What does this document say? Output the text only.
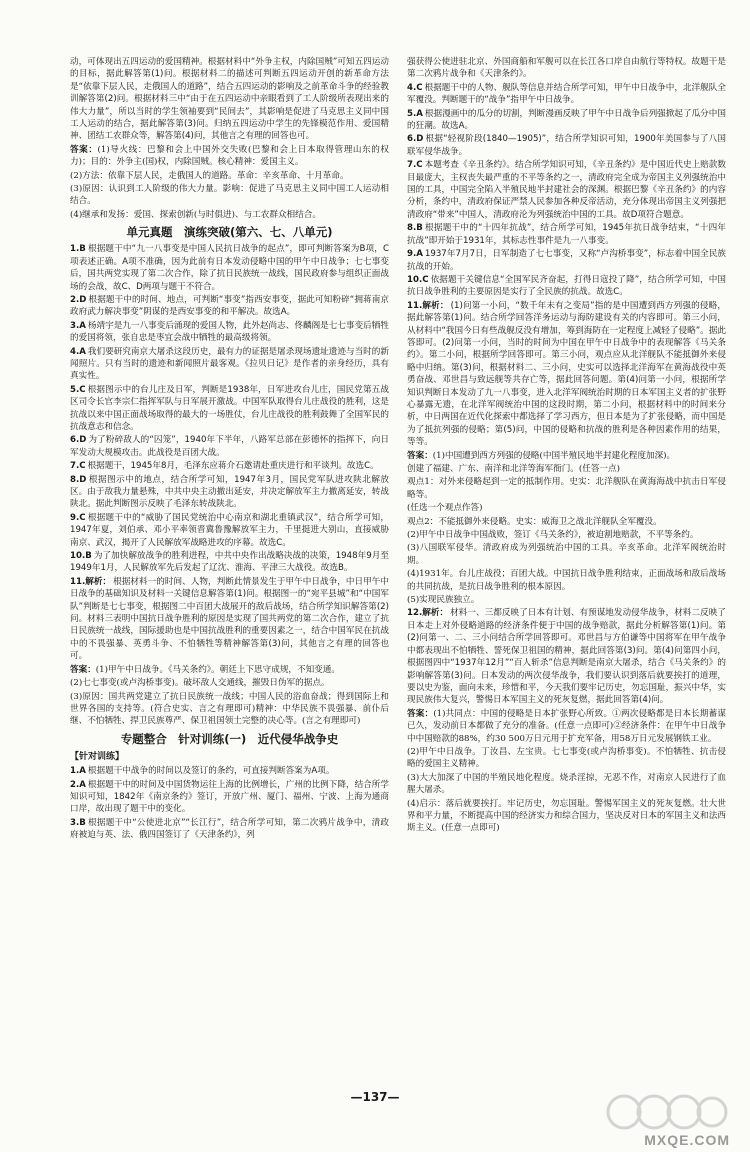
动，可体现出五四运动的爱国精神。根据材料中“外争主权，内除国贼”可知五四运动的目标，据此解答第(1)问。根据材料二的描述可判断五四运动开创的新革命方法是“依靠下层人民，走俄国人的道路”，结合五四运动的影响及之前革命斗争的经验教训解答第(2)问。根据材料三中“由于在五四运动中亲眼看到了工人阶级所表现出来的伟大力量”，所以当时的学生领袖要到“民间去”，其影响是促进了马克思主义同中国工人运动的结合，据此解答第(3)问。归纳五四运动中学生的先锋模范作用、爱国精神、团结工农群众等，解答第(4)问，其他言之有理的回答也可。

答案：(1)导火线：巴黎和会上中国外交失败(巴黎和会上日本取得管理山东的权力)；目的：外争主(国)权，内除国贼。核心精神：爱国主义。

(2)方法：依靠下层人民，走俄国人的道路。革命：辛亥革命、十月革命。

(3)原因：认识到工人阶级的伟大力量。影响：促进了马克思主义同中国工人运动相结合。

(4)继承和发扬：爱国、探索创新(与时俱进)、与工农群众相结合。

单元真题　演练突破(第六、七、八单元)

1.B 根据题干中“九一八事变是中国人民抗日战争的起点”，即可判断答案为B项，C项表述正确。A项不准确，因为此前有日本发动侵略中国的甲午中日战争；七七事变后，国共两党实现了第二次合作，除了抗日民族统一战线，国民政府参与组织正面战场的会战，故C、D两项与题干不符合。

2.D 根据题干中的时间、地点，可判断“事变”指西安事变，据此可知粉碎“拥蒋南京政府武力解决事变”阴谋的是西安事变的和平解决。故选A。

3.A 杨靖宇是九一八事变后涌现的爱国人物，此外赵尚志、佟麟阁是七七事变后牺牲的爱国将领，张自忠是枣宜会战中牺牲的最高级将领。

4.A 我们要研究南京大屠杀这段历史，最有力的证据是屠杀现场遗址遗迹与当时的新闻照片。只有当时的遗迹和新闻照片最客观。《拉贝日记》是作者的亲身经历，具有真实性。

5.C 根据图示中的台儿庄及日军，判断是1938年，日军进攻台儿庄，国民党第五战区司令长官李宗仁指挥军队与日军展开激战。中国军队取得台儿庄战役的胜利，这是抗战以来中国正面战场取得的最大的一场胜仗，台儿庄战役的胜利鼓舞了全国军民的抗战意志和信念。

6.D 为了粉碎敌人的“囚笼”，1940年下半年，八路军总部在彭德怀的指挥下，向日军发动大规模攻击。此战役是百团大战。

7.C 根据题干，1945年8月，毛泽东应蒋介石邀请赴重庆进行和平谈判。故选C。

8.D 根据图示中的地点，结合所学可知，1947年3月，国民党军队进攻陕北解放区。由于敌我力量悬殊，中共中央主动撤出延安，并决定解放军主力撤离延安，转战陕北。据此判断图示反映了毛泽东转战陕北。

9.C 根据题干中的“威胁了国民党统治中心南京和湖北重镇武汉”，结合所学可知，1947年夏，刘伯承、邓小平率领晋冀鲁豫解放军主力，千里挺进大别山，直接威胁南京、武汉，揭开了人民解放军战略进攻的序幕。故选C。

10.B 为了加快解放战争的胜利进程，中共中央作出战略决战的决策，1948年9月至1949年1月，人民解放军先后发起了辽沈、淮海、平津三大战役。故选B。

11.解析： 根据材料一的时间、人物，判断此情景发生于甲午中日战争，中日甲午中日战争的基础知识及材料一关键信息解答第(1)问。根据图一的“宛平县城”和“中国军队”判断是七七事变，根据图二中百团大战展开的敌后战场，结合所学知识解答第(2)问。材料三表明中国抗日战争胜利的原因是实现了国共两党的第二次合作，建立了抗日民族统一战线，国际援助也是中国抗战胜利的重要因素之一，结合中国军民在抗战中的不畏强暴、英勇斗争、不怕牺牲等精神解答第(3)问，其他言之有理的回答也可。

答案：(1)甲午中日战争。《马关条约》。朝廷上下思守成规，不知变通。

(2)七七事变(或卢沟桥事变)。破坏敌人交通线，摧毁日伪军的据点。

(3)原因：国共两党建立了抗日民族统一战线；中国人民的浴血奋战；得到国际上和世界各国的支持等。(符合史实、言之有理即可)精神：中华民族不畏强暴、前仆后继、不怕牺牲、捍卫民族尊严、保卫祖国领土完整的决心等。(言之有理即可)

专题整合　针对训练(一)　近代侵华战争史
【针对训练】

1.A 根据题干中战争的时间以及签订的条约，可直接判断答案为A项。

2.A 根据题干中的时间及中国货物运往上海的比例增长，广州的比例下降，结合所学知识可知，1842年《南京条约》签订，开放广州、厦门、福州、宁波、上海为通商口岸，故出现了题干中的变化。

3.B 根据题干中“公使进北京”“长江行”，结合所学可知，第二次鸦片战争中，清政府被迫与英、法、俄四国签订了《天津条约》，列

强获得公使进驻北京、外国商船和军舰可以在长江各口岸自由航行等特权。故题干是第二次鸦片战争和《天津条约》。

4.C 根据题干中的人物、舰队等信息并结合所学可知，甲午中日战争中，北洋舰队全军覆没。判断题干的“战争”指甲午中日战争。

5.A 根据漫画中的瓜分的切割，判断漫画反映了甲午中日战争后列强掀起了瓜分中国的狂潮。故选A。

6.D 根据“轻视阶段(1840—1905)”，结合所学知识可知，1900年美国参与了八国联军侵华战争。

7.C 本题考查《辛丑条约》。结合所学知识可知，《辛丑条约》是中国近代史上赔款数目最庞大，主权丧失最严重的不平等条约之一，清政府完全成为帝国主义列强统治中国的工具，中国完全陷入半殖民地半封建社会的深渊。根据巴黎《辛丑条约》的内容分析，条约中，清政府保证严禁人民参加各种反帝活动，充分体现出帝国主义列强把清政府“带来”中国人，清政府沦为列强统治中国的工具。故D项符合题意。

8.B 根据题干中的“十四年抗战”，结合所学可知，1945年抗日战争结束，“十四年抗战”即开始于1931年，其标志性事件是九一八事变。

9.A 1937年7月7日，日军制造了七七事变，又称“卢沟桥事变”，标志着中国全民族抗战的开始。

10.C 依据题干关键信息“全国军民齐奋起，打得日寇投了降”，结合所学可知，中国抗日战争胜利的主要原因是实行了全民族的抗战。故选C。

11.解析： (1)问第一小问，“数千年未有之变局”指的是中国遭到西方列强的侵略，据此解答第(1)问。结合所学回答洋务运动与海防建设有关的内容即可。第三小问，从材料中“我国今日有些战舰反没有增加，筹到海防在一定程度上减轻了侵略”。据此答即可。(2)问第一小问，当时的时间为中国在甲午中日战争中的表现解答《马关条约》。第二小问，根据所学回答即可。第三小问，观点应从北洋舰队不能抵御外来侵略中归纳。第(3)问，根据材料二、三小问，史实可以选择北洋海军在黄海战役中英勇奋战、邓世昌与致远舰等共存亡等，据此回答问题。第(4)问第一小问，根据所学知识判断日本发动了九一八事变，进入北洋军阀统治时期的日本军国主义者的扩张野心暴露无遗，在北洋军阀统治中国的这段时期，第二小问，根据材料中的时间来分析，中日两国在近代化探索中都选择了学习西方，但日本是为了扩张侵略，而中国是为了抵抗列强的侵略；第(5)问，中国的侵略和抗战的胜利是各种因素作用的结果，等等。

答案：(1)中国遭到西方列强的侵略(中国半殖民地半封建化程度加深)。

创建了福建、广东、南洋和北洋等海军衙门。(任答一点)

观点1：对外来侵略起到一定的抵制作用。史实：北洋舰队在黄海海战中抗击日军侵略等。

(任选一个观点作答)

观点2：不能抵御外来侵略。史实：威海卫之战北洋舰队全军覆没。

(2)甲午中日战争中国战败，签订《马关条约》，被迫割地赔款，不平等条约。

(3)八国联军侵华。清政府成为列强统治中国的工具。辛亥革命。北洋军阀统治时期。

(4)1931年。台儿庄战役；百团大战。中国抗日战争胜利结束，正面战场和敌后战场的共同抗战，是抗日战争胜利的根本原因。

(5)实现民族独立。

12.解析： 材料一、三都反映了日本有计划、有预谋地发动侵华战争，材料二反映了日本走上对外侵略道路的经济条件便于中国的战争赔款，据此分析解答第(1)问。第(2)问第一、二、三小问结合所学回答即可。邓世昌与方伯谦等中国将军在甲午战争中都表现出不怕牺牲、誓死保卫祖国的精神，据此回答第(3)问。第(4)问第四小问，根据图四中“1937年12月”“百人斩杀”信息判断是南京大屠杀，结合《马关条约》的影响解答第(3)问。日本发动的两次侵华战争，我们要认识到落后就要挨打的道理，要以史为鉴，面向未来，珍惜和平，今天我们要牢记历史，勿忘国耻，振兴中华，实现民族伟大复兴，警惕日本军国主义的死灰复燃，据此回答第(4)问。

答案：(1)共同点：中国的侵略是日本扩张野心所致。①两次侵略都是日本长期蓄谋已久，发动前日本都做了充分的准备。(任意一点即可)②经济条件：在甲午中日战争中中国赔款的88%，约30 500万日元用于扩充军备，用58万日元发展钢铁工业。

(2)甲午中日战争。丁汝昌、左宝贵。七七事变(或卢沟桥事变)。不怕牺牲、抗击侵略的爱国主义精神。

(3)大大加深了中国的半殖民地化程度。烧杀淫掠，无恶不作，对南京人民进行了血腥大屠杀。

(4)启示：落后就要挨打。牢记历史，勿忘国耻。警惕军国主义的死灰复燃。壮大世界和平力量，不断提高中国的经济实力和综合国力，坚决反对日本的军国主义和法西斯主义。(任意一点即可)

—137—
MXQE.COM
